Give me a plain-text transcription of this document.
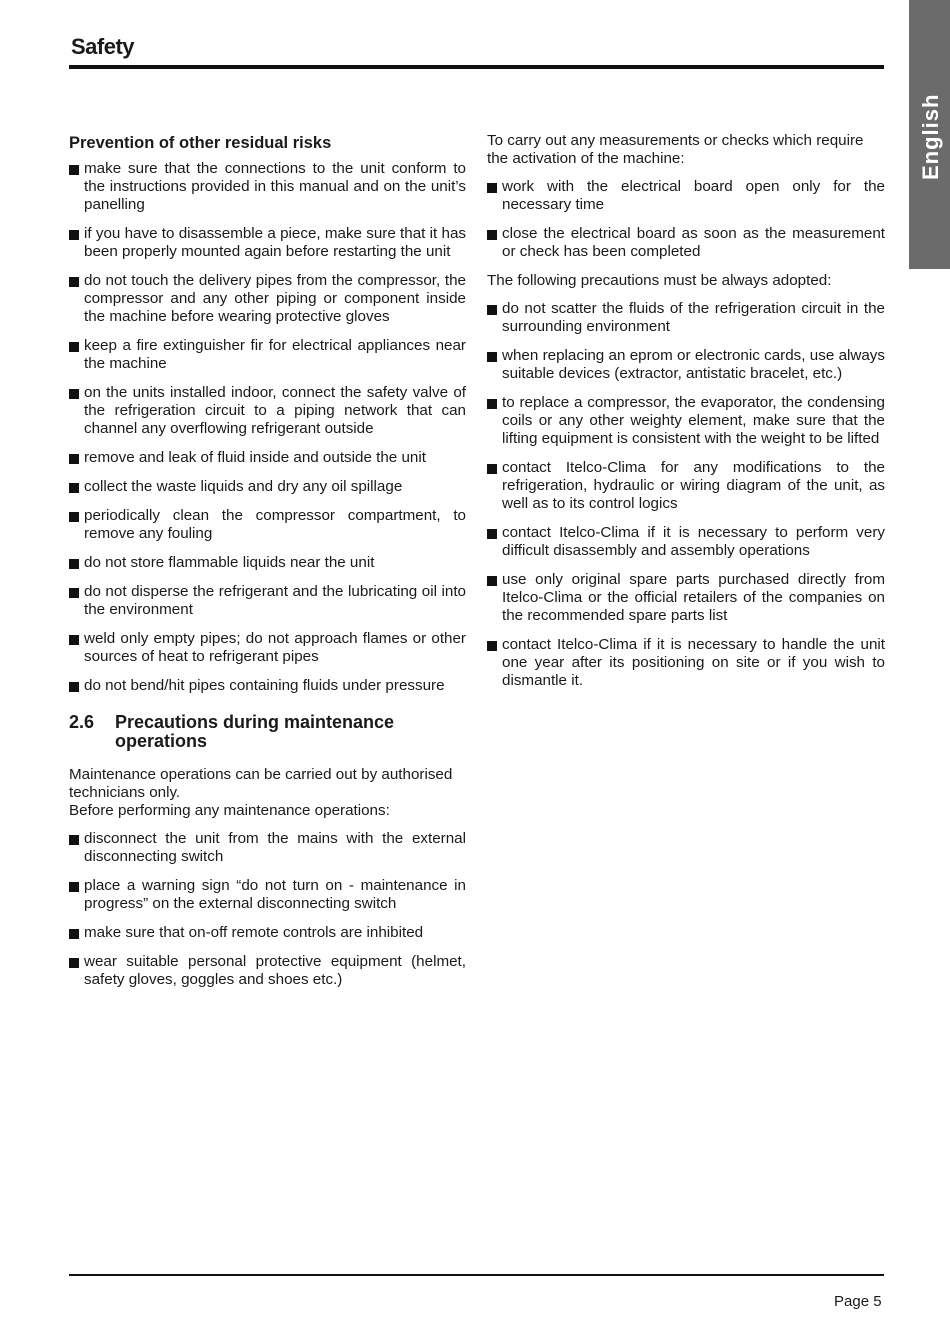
Safety
English
Prevention of other residual risks
make sure that the connections to the unit conform to the instructions provided in this manual and on the unit’s panelling
if you have to disassemble a piece, make sure that it has been properly mounted again before restarting the unit
do not touch the delivery pipes from the compressor, the compressor and any other piping or component inside the machine before wearing protective gloves
keep a fire extinguisher fir for electrical appliances near the machine
on the units installed indoor, connect the safety valve of the refrigeration circuit to a piping network that can channel any overflowing refrigerant outside
remove and leak of fluid inside and outside the unit
collect the waste liquids and dry any oil spillage
periodically clean the compressor compartment, to remove any fouling
do not store flammable liquids near the unit
do not disperse the refrigerant and the lubricating oil into the environment
weld only empty pipes; do not approach flames or other sources of heat to refrigerant pipes
do not bend/hit pipes containing fluids under pressure
2.6	Precautions during maintenance operations
Maintenance operations can be carried out by authorised technicians only.
Before performing any maintenance operations:
disconnect the unit from the mains with the external disconnecting switch
place a warning sign “do not turn on - maintenance in progress” on the external disconnecting switch
make sure that on-off remote controls are inhibited
wear suitable personal protective equipment (helmet, safety gloves, goggles and shoes etc.)
To carry out any measurements or checks which require the activation of the machine:
work with the electrical board open only for the necessary time
close the electrical board as soon as the measurement or check has been completed
The following precautions must be always adopted:
do not scatter the fluids of the refrigeration circuit in the surrounding environment
when replacing an eprom or electronic cards, use always suitable devices (extractor, antistatic bracelet, etc.)
to replace a compressor, the evaporator, the condensing coils or any other weighty element, make sure that the lifting equipment is consistent with the weight to be lifted
contact Itelco-Clima for any modifications to the refrigeration, hydraulic or wiring diagram of the unit, as well as to its control logics
contact Itelco-Clima if it is necessary to perform very difficult disassembly and assembly operations
use only original spare parts purchased directly from Itelco-Clima or the official retailers of the companies on the recommended spare parts list
contact Itelco-Clima if it is necessary to handle the unit one year after its positioning on site or if you wish to dismantle it.
Page 5
